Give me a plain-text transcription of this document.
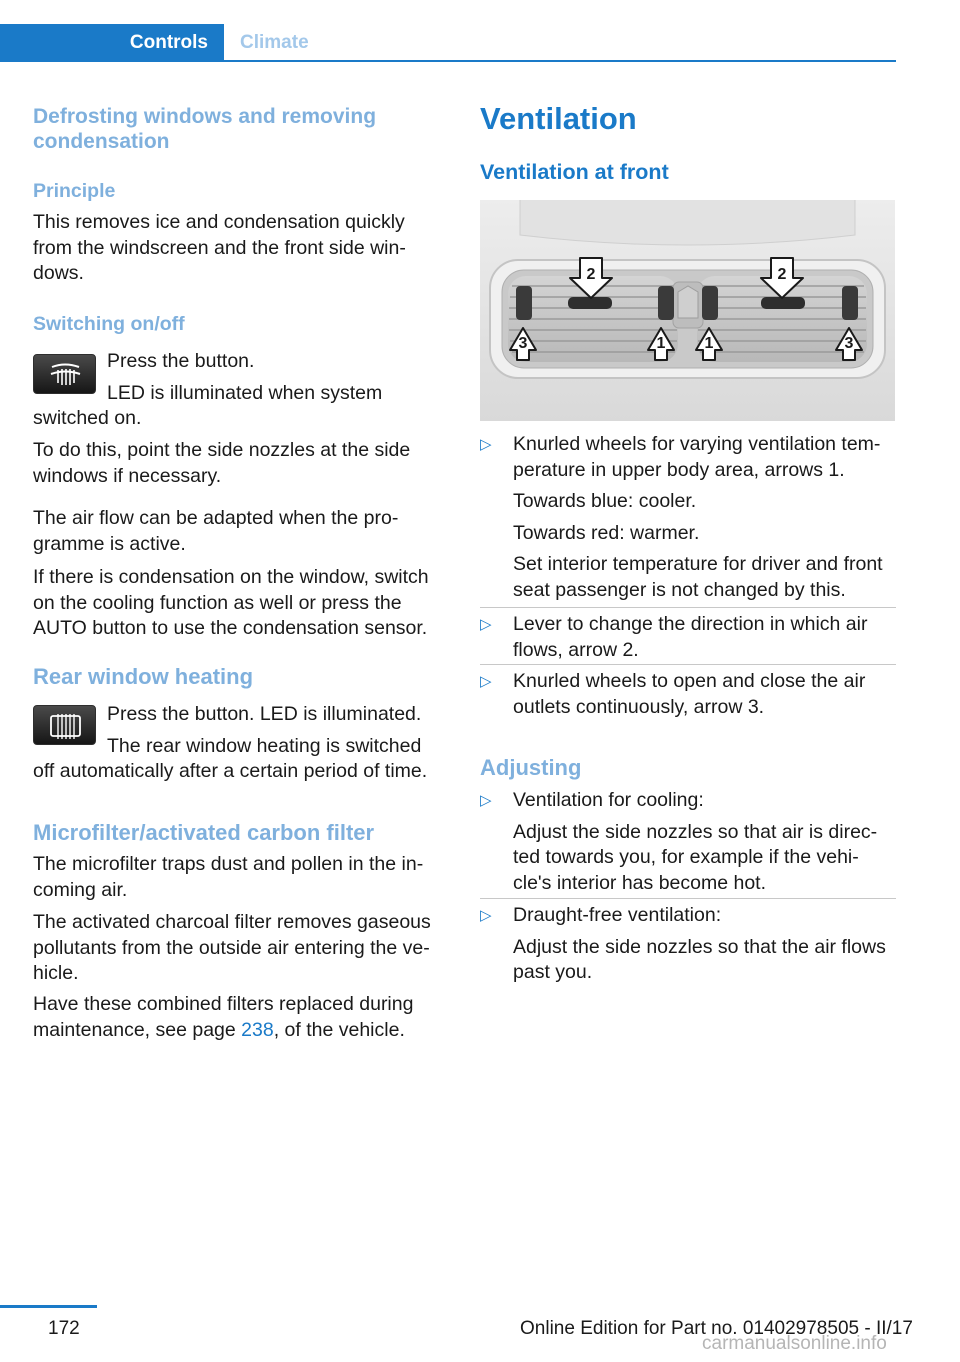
Controls	Climate
Defrosting windows and removing
condensation
Principle

This removes ice and condensation quickly

from the windscreen and the front side win-

dows.

Switching on/off

Press the button.

LED is illuminated when system

switched on.

To do this, point the side nozzles at the side

windows if necessary.

The air flow can be adapted when the pro-

gramme is active.

If there is condensation on the window, switch

on the cooling function as well or press the

AUTO button to use the condensation sensor.

Rear window heating

Press the button. LED is illuminated.

The rear window heating is switched

off automatically after a certain period of time.

Microfilter/activated carbon filter

The microfilter traps dust and pollen in the in-

coming air.

The activated charcoal filter removes gaseous

pollutants from the outside air entering the ve-

hicle.

Have these combined filters replaced during

maintenance, see page 238, of the vehicle.

Ventilation
Ventilation at front
2	2
3	1 1	3
▷ Knurled wheels for varying ventilation tem-
perature in upper body area, arrows 1.
Towards blue: cooler.
Towards red: warmer.
Set interior temperature for driver and front
seat passenger is not changed by this.
▷ Lever to change the direction in which air
flows, arrow 2.
▷ Knurled wheels to open and close the air
outlets continuously, arrow 3.
Adjusting
▷ Ventilation for cooling:
Adjust the side nozzles so that air is direc-
ted towards you, for example if the vehi-
cle's interior has become hot.
▷ Draught-free ventilation:
Adjust the side nozzles so that the air flows
past you.
172	Online Edition for Part no. 01402978505 - II/17
carmanualsonline.info
